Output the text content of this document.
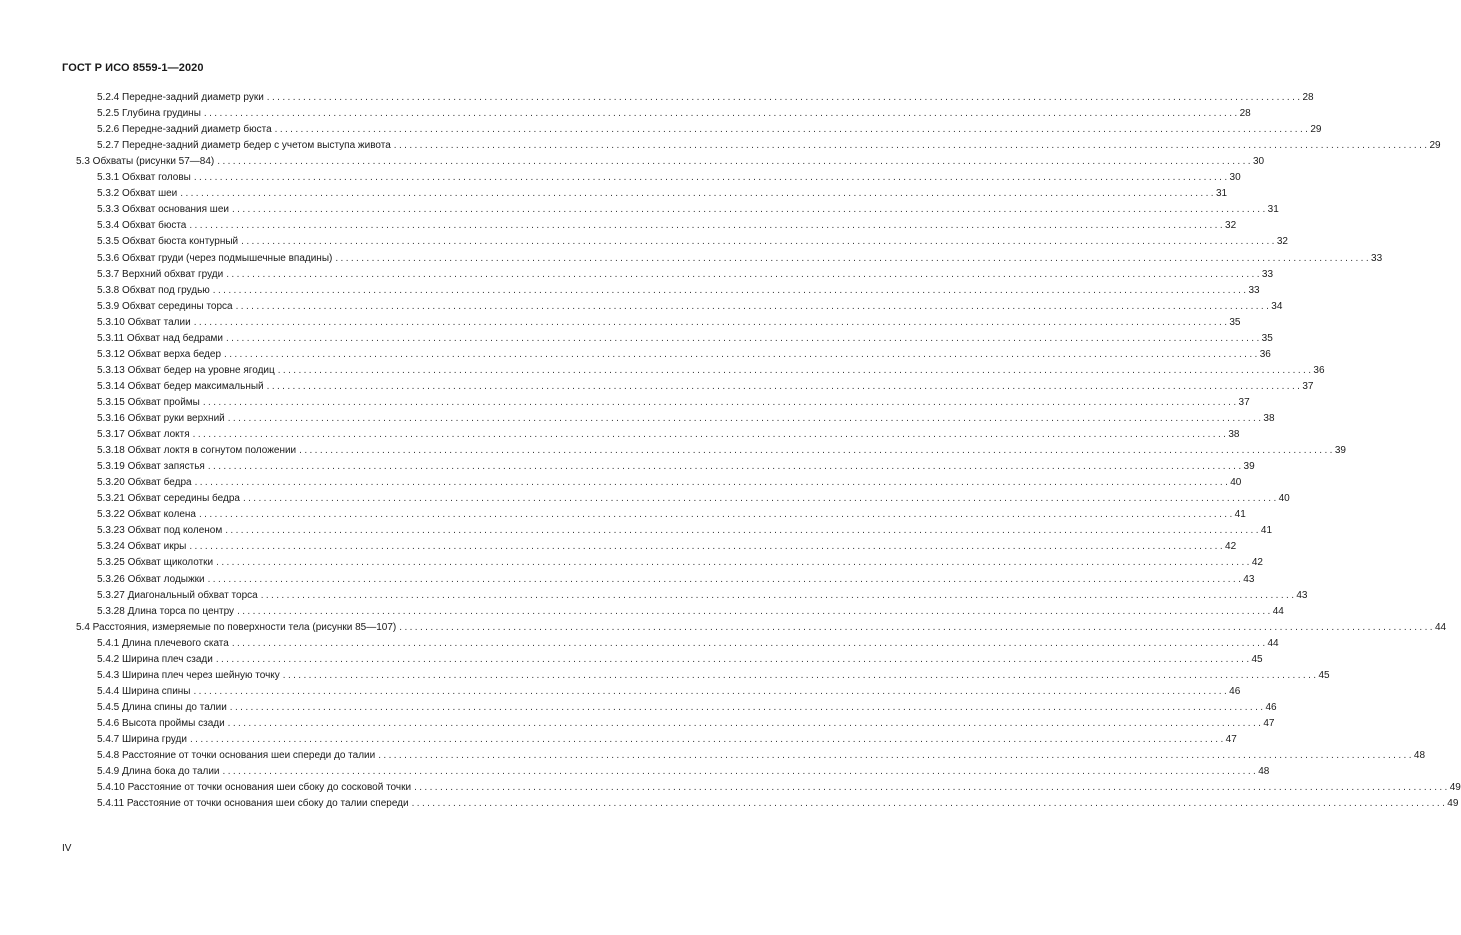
ГОСТ Р ИСО 8559-1—2020
5.2.4 Передне-задний диаметр руки ........................................................................................................................................................................................................ 28
5.2.5 Глубина грудины ........................................................................................................................................................................................................ 28
5.2.6 Передне-задний диаметр бюста ........................................................................................................................................................................................................ 29
5.2.7 Передне-задний диаметр бедер с учетом выступа живота ........................................................................................................................................................................................................ 29
5.3 Обхваты (рисунки 57—84) ........................................................................................................................................................................................................ 30
5.3.1 Обхват головы ........................................................................................................................................................................................................ 30
5.3.2 Обхват шеи ........................................................................................................................................................................................................ 31
5.3.3 Обхват основания шеи ........................................................................................................................................................................................................ 31
5.3.4 Обхват бюста ........................................................................................................................................................................................................ 32
5.3.5 Обхват бюста контурный ........................................................................................................................................................................................................ 32
5.3.6 Обхват груди (через подмышечные впадины) ........................................................................................................................................................................................................ 33
5.3.7 Верхний обхват груди ........................................................................................................................................................................................................ 33
5.3.8 Обхват под грудью ........................................................................................................................................................................................................ 33
5.3.9 Обхват середины торса ........................................................................................................................................................................................................ 34
5.3.10 Обхват талии ........................................................................................................................................................................................................ 35
5.3.11 Обхват над бедрами ........................................................................................................................................................................................................ 35
5.3.12 Обхват верха бедер ........................................................................................................................................................................................................ 36
5.3.13 Обхват бедер на уровне ягодиц ........................................................................................................................................................................................................ 36
5.3.14 Обхват бедер максимальный ........................................................................................................................................................................................................ 37
5.3.15 Обхват проймы ........................................................................................................................................................................................................ 37
5.3.16 Обхват руки верхний ........................................................................................................................................................................................................ 38
5.3.17 Обхват локтя ........................................................................................................................................................................................................ 38
5.3.18 Обхват локтя в согнутом положении ........................................................................................................................................................................................................ 39
5.3.19 Обхват запястья ........................................................................................................................................................................................................ 39
5.3.20 Обхват бедра ........................................................................................................................................................................................................ 40
5.3.21 Обхват середины бедра ........................................................................................................................................................................................................ 40
5.3.22 Обхват колена ........................................................................................................................................................................................................ 41
5.3.23 Обхват под коленом ........................................................................................................................................................................................................ 41
5.3.24 Обхват икры ........................................................................................................................................................................................................ 42
5.3.25 Обхват щиколотки ........................................................................................................................................................................................................ 42
5.3.26 Обхват лодыжки ........................................................................................................................................................................................................ 43
5.3.27 Диагональный обхват торса ........................................................................................................................................................................................................ 43
5.3.28 Длина торса по центру ........................................................................................................................................................................................................ 44
5.4 Расстояния, измеряемые по поверхности тела (рисунки 85—107) ........................................................................................................................................................................................................ 44
5.4.1 Длина плечевого ската ........................................................................................................................................................................................................ 44
5.4.2 Ширина плеч сзади ........................................................................................................................................................................................................ 45
5.4.3 Ширина плеч через шейную точку ........................................................................................................................................................................................................ 45
5.4.4 Ширина спины ........................................................................................................................................................................................................ 46
5.4.5 Длина спины до талии ........................................................................................................................................................................................................ 46
5.4.6 Высота проймы сзади ........................................................................................................................................................................................................ 47
5.4.7 Ширина груди ........................................................................................................................................................................................................ 47
5.4.8 Расстояние от точки основания шеи спереди до талии ........................................................................................................................................................................................................ 48
5.4.9 Длина бока до талии ........................................................................................................................................................................................................ 48
5.4.10 Расстояние от точки основания шеи сбоку до сосковой точки ........................................................................................................................................................................................................ 49
5.4.11 Расстояние от точки основания шеи сбоку до талии спереди ........................................................................................................................................................................................................ 49
IV
